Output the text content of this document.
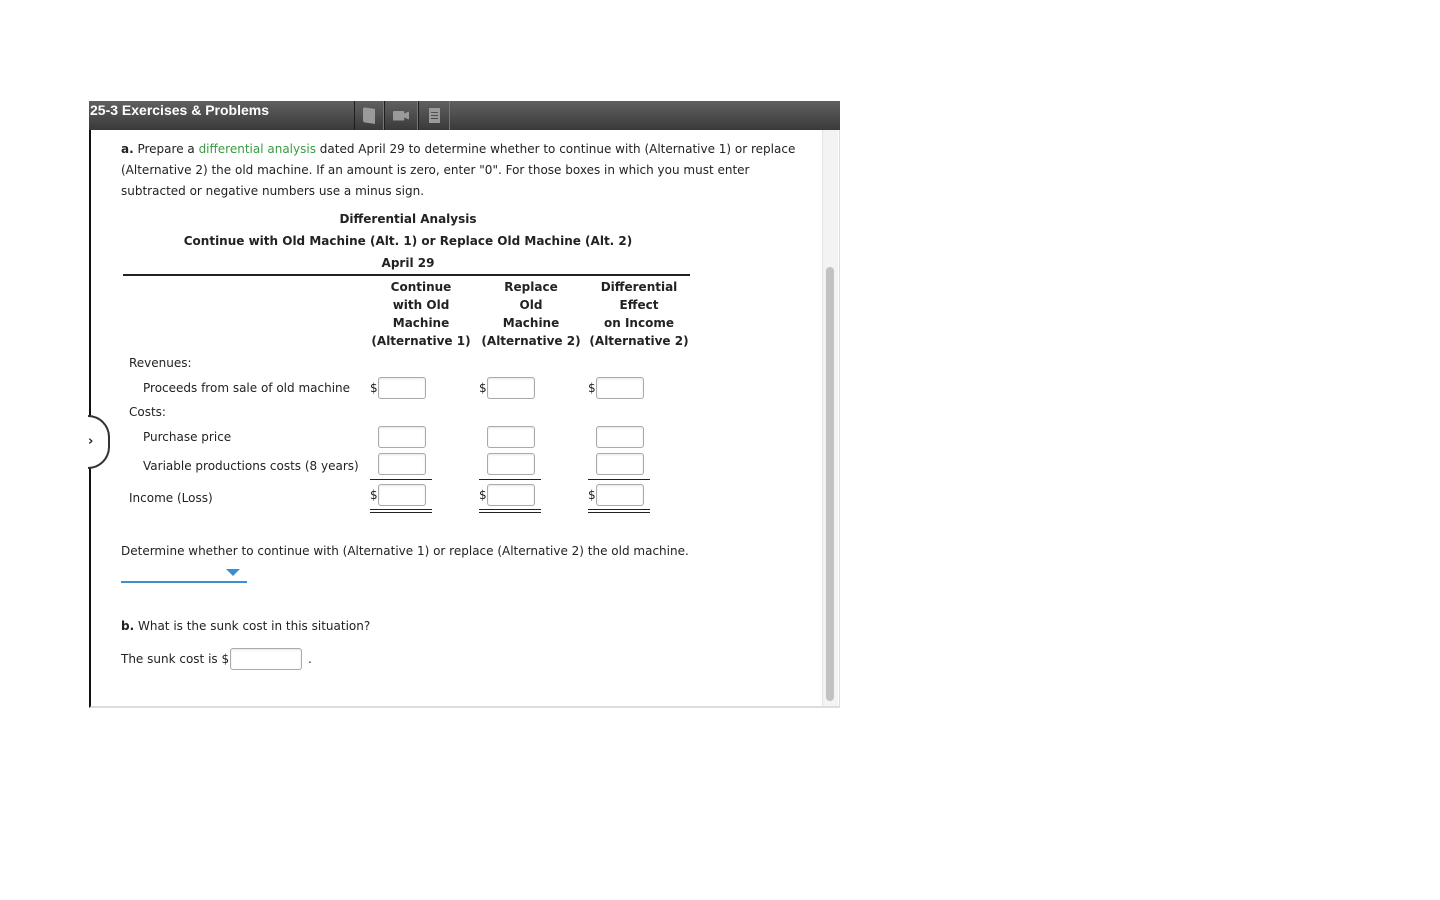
25-3 Exercises & Problems
›
a. Prepare a differential analysis dated April 29 to determine whether to continue with (Alternative 1) or replace
(Alternative 2) the old machine. If an amount is zero, enter "0". For those boxes in which you must enter
subtracted or negative numbers use a minus sign.
Differential Analysis
Continue with Old Machine (Alt. 1) or Replace Old Machine (Alt. 2)
April 29
Continue
with Old
Machine
(Alternative 1)
Replace
Old
Machine
(Alternative 2)
Differential
Effect
on Income
(Alternative 2)
Revenues:
Proceeds from sale of old machine
Costs:
Purchase price
Variable productions costs (8 years)
Income (Loss)
$
$
$
$
$
$
Determine whether to continue with (Alternative 1) or replace (Alternative 2) the old machine.
b. What is the sunk cost in this situation?
The sunk cost is $	.
